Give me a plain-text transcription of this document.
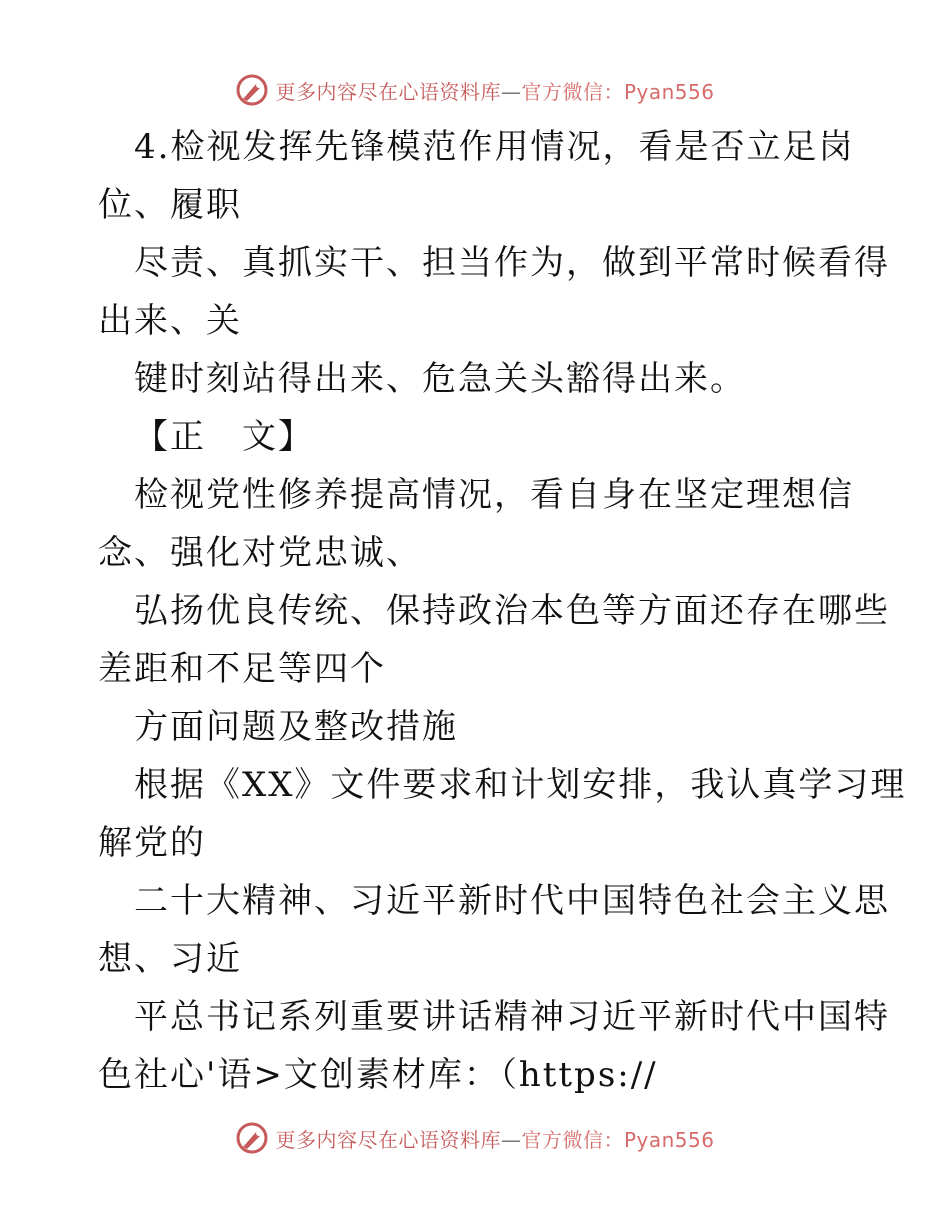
更多内容尽在心语资料库—官方微信：Pyan556
4.检视发挥先锋模范作用情况，看是否立足岗
位、履职
尽责、真抓实干、担当作为，做到平常时候看得
出来、关
键时刻站得出来、危急关头豁得出来。
【正　文】
检视党性修养提高情况，看自身在坚定理想信
念、强化对党忠诚、
弘扬优良传统、保持政治本色等方面还存在哪些
差距和不足等四个
方面问题及整改措施
根据《XX》文件要求和计划安排，我认真学习理
解党的
二十大精神、习近平新时代中国特色社会主义思
想、习近
平总书记系列重要讲话精神习近平新时代中国特
色社心'语>文创素材库：（https://
更多内容尽在心语资料库—官方微信：Pyan556
